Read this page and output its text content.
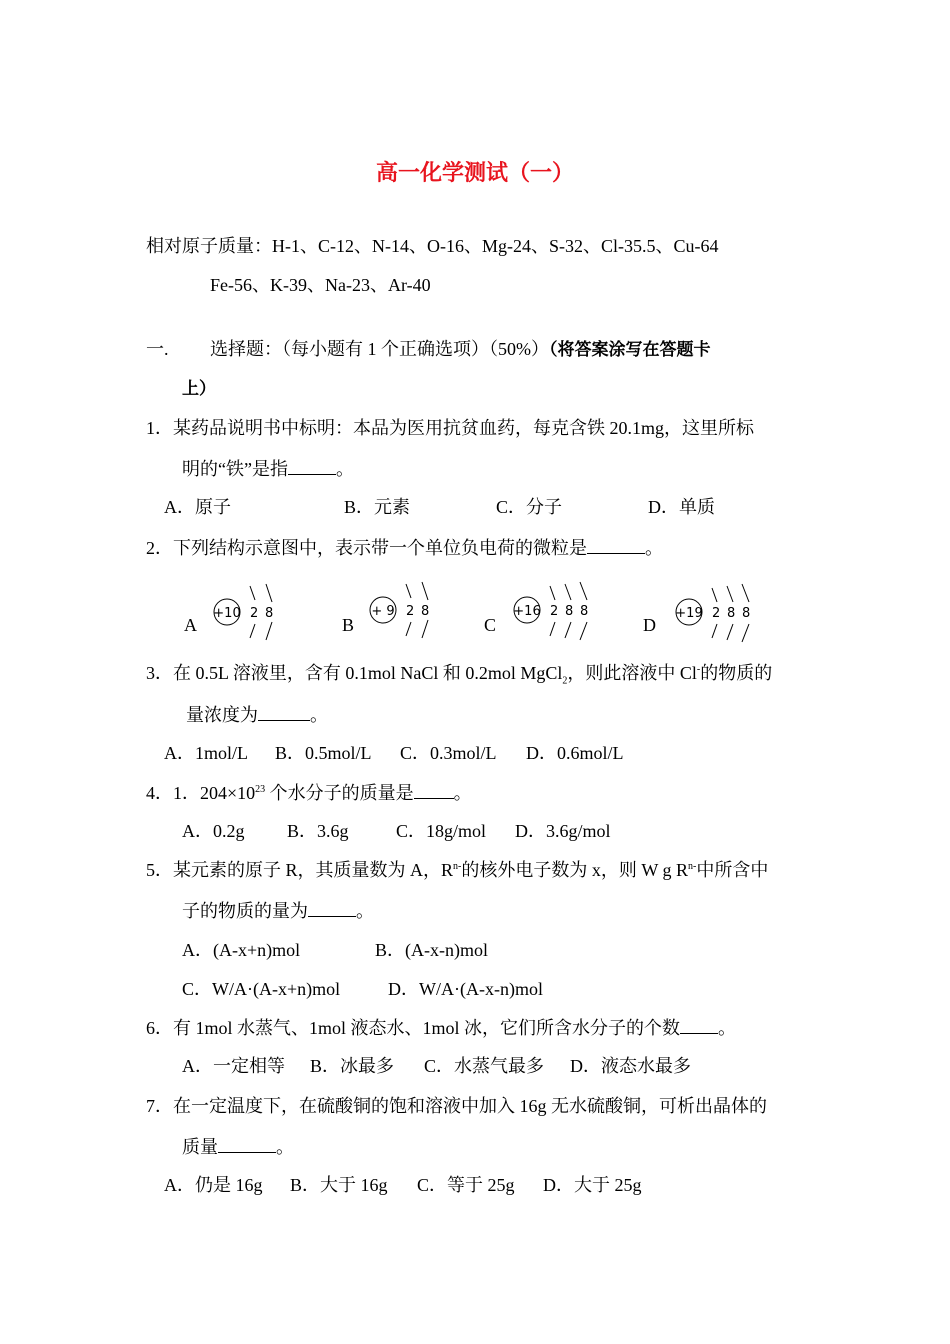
高一化学测试（一）
相对原子质量：H-1、C-12、N-14、O-16、Mg-24、S-32、Cl-35.5、Cu-64
Fe-56、K-39、Na-23、Ar-40
一. 选择题：（每小题有 1 个正确选项）（50%）（将答案涂写在答题卡
上）
1．某药品说明书中标明：本品为医用抗贫血药，每克含铁 20.1mg，这里所标
明的“铁”是指	。
A．原子	B．元素	C．分子	D．单质
2．下列结构示意图中，表示带一个单位负电荷的微粒是	。
A
+10 2 8
B
+ 9 2 8
C
+16 2 8 8
D
+19 2 8 8
3．在 0.5L 溶液里，含有 0.1mol NaCl 和 0.2mol MgCl$_2$，则此溶液中 Cl-的物质的
量浓度为	。
A．1mol/L B．0.5mol/L C．0.3mol/L D．0.6mol/L
4．1．$204\times 10^{23}$ 个水分子的质量是 。
A．0.2g B．3.6g	C．18g/mol D．3.6g/mol
5．某元素的原子 R，其质量数为 A，$R^{n-}$的核外电子数为 x，则 W g $R^{n-}$中所含中
子的物质的量为	。
A．(A-x+n)mol	B．(A-x-n)mol
C．W/A·(A-x+n)mol	D．W/A·(A-x-n)mol
6．有 1mol 水蒸气、1mol 液态水、1mol 冰，它们所含水分子的个数 。
A．一定相等 B．冰最多 C．水蒸气最多 D．液态水最多
7．在一定温度下，在硫酸铜的饱和溶液中加入 16g 无水硫酸铜，可析出晶体的
质量	。
A．仍是 16g B．大于 16g C．等于 25g D．大于 25g
